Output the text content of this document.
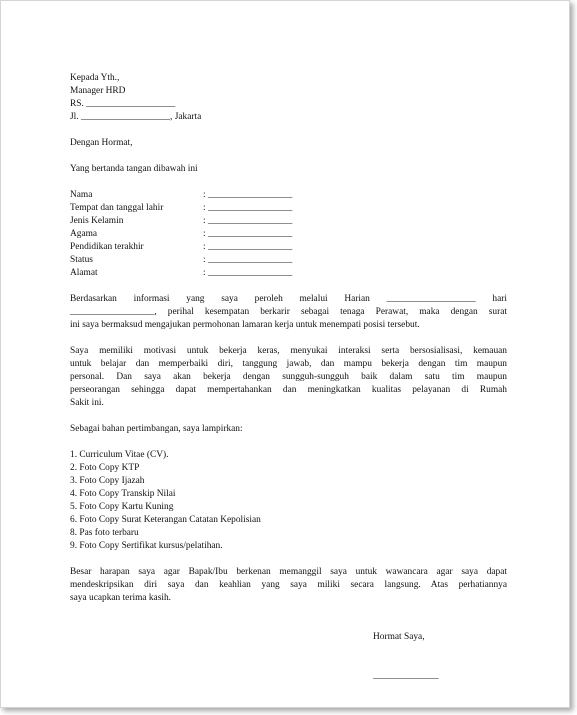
Kepada Yth.,
Manager HRD
RS. ___________________
Jl. ___________________, Jakarta
Dengan Hormat,
Yang bertanda tangan dibawah ini
Nama	: __________________
Tempat dan tanggal lahir	: __________________
Jenis Kelamin	: __________________
Agama	: __________________
Pendidikan terakhir	: __________________
Status	: __________________
Alamat	: __________________
Berdasarkan informasi yang saya peroleh melalui Harian ___________________ hari
__________________, perihal kesempatan berkarir sebagai tenaga Perawat, maka dengan surat
ini saya bermaksud mengajukan permohonan lamaran kerja untuk menempati posisi tersebut.
Saya memiliki motivasi untuk bekerja keras, menyukai interaksi serta bersosialisasi, kemauan
untuk belajar dan memperbaiki diri, tanggung jawab, dan mampu bekerja dengan tim maupun
personal. Dan saya akan bekerja dengan sungguh-sungguh baik dalam satu tim maupun
perseorangan sehingga dapat mempertahankan dan meningkatkan kualitas pelayanan di Rumah
Sakit ini.
Sebagai bahan pertimbangan, saya lampirkan:
1. Curriculum Vitae (CV).
2. Foto Copy KTP
3. Foto Copy Ijazah
4. Foto Copy Transkip Nilai
5. Foto Copy Kartu Kuning
6. Foto Copy Surat Keterangan Catatan Kepolisian
8. Pas foto terbaru
9. Foto Copy Sertifikat kursus/pelatihan.
Besar harapan saya agar Bapak/Ibu berkenan memanggil saya untuk wawancara agar saya dapat
mendeskripsikan diri saya dan keahlian yang saya miliki secara langsung. Atas perhatiannya
saya ucapkan terima kasih.
Hormat Saya,
______________
